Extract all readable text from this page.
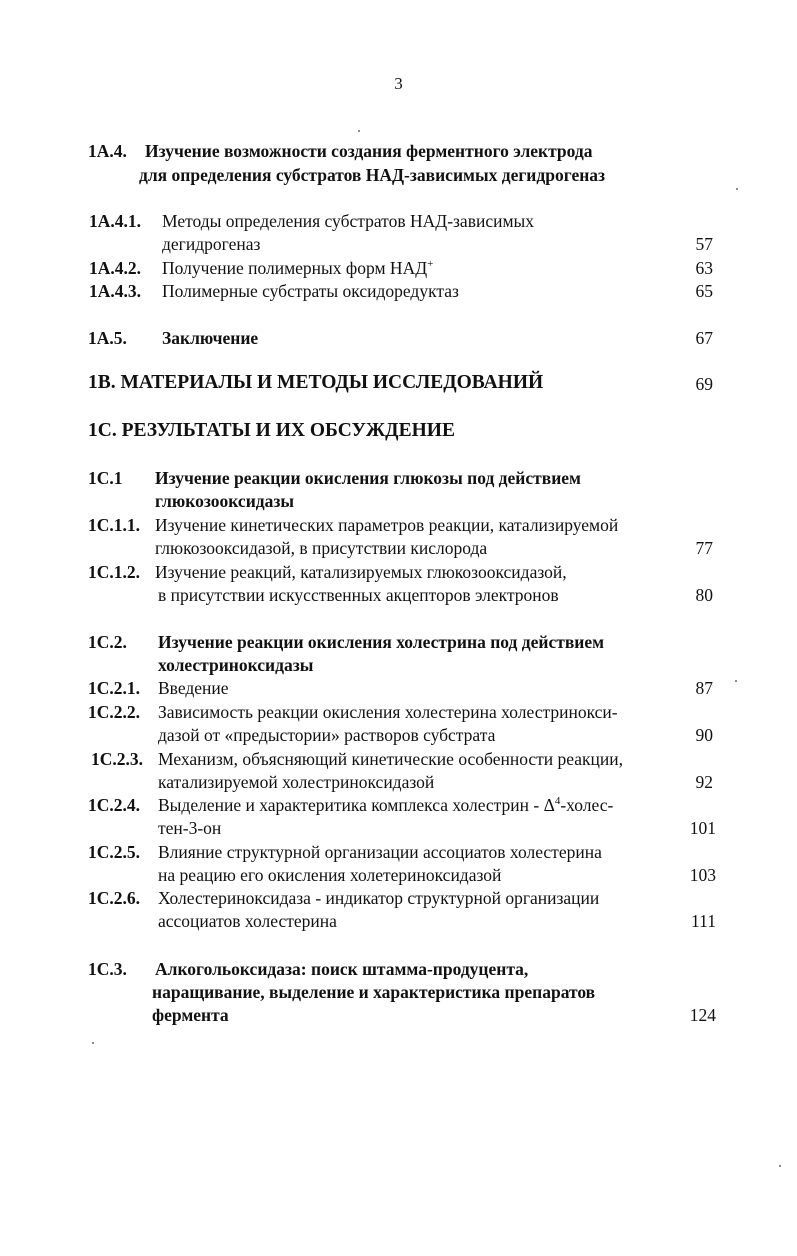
3
1А.4. Изучение возможности создания ферментного электрода
для определения субстратов НАД-зависимых дегидрогеназ
1А.4.1. Методы определения субстратов НАД-зависимых
дегидрогеназ	57
1А.4.2. Получение полимерных форм НАД+	63
1А.4.3. Полимерные субстраты оксидоредуктаз	65
1А.5. Заключение	67
1В. МАТЕРИАЛЫ И МЕТОДЫ ИССЛЕДОВАНИЙ	69
1С. РЕЗУЛЬТАТЫ И ИХ ОБСУЖДЕНИЕ
1С.1 Изучение реакции окисления глюкозы под действием
глюкозооксидазы
1С.1.1. Изучение кинетических параметров реакции, катализируемой
глюкозооксидазой, в присутствии кислорода	77
1С.1.2. Изучение реакций, катализируемых глюкозооксидазой,
в присутствии искусственных акцепторов электронов	80
1С.2. Изучение реакции окисления холестрина под действием
холестриноксидазы
1С.2.1. Введение	87
1С.2.2. Зависимость реакции окисления холестерина холестринокси-
дазой от «предыстории» растворов субстрата	90
1С.2.3. Механизм, объясняющий кинетические особенности реакции,
катализируемой холестриноксидазой	92
1С.2.4. Выделение и характеритика комплекса холестрин - $\Delta^4-холес-$
тен-3-он	101
1С.2.5. Влияние структурной организации ассоциатов холестерина
на реацию его окисления холетериноксидазой	103
1С.2.6. Холестериноксидаза - индикатор структурной организации
ассоциатов холестерина	111
1С.3. Алкогольоксидаза: поиск штамма-продуцента,
наращивание, выделение и характеристика препаратов
фермента	124
